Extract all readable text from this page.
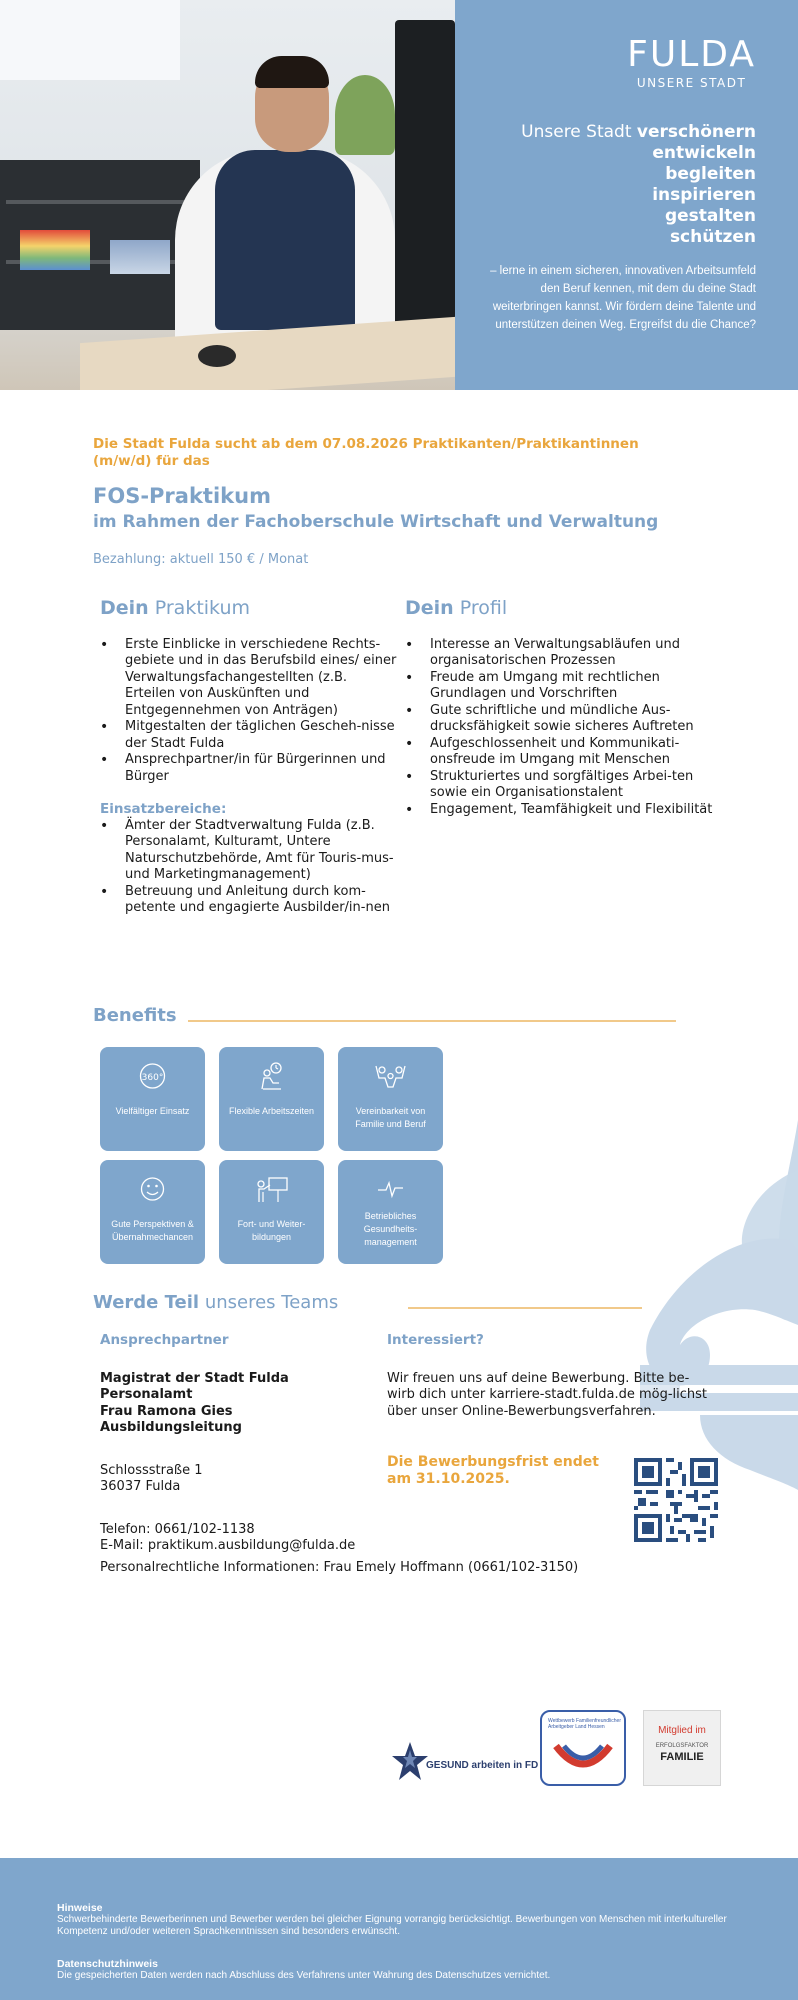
FULDA
UNSERE STADT
Unsere Stadt verschönern
entwickeln
begleiten
inspirieren
gestalten
schützen
– lerne in einem sicheren, innovativen Arbeitsumfeld den Beruf kennen, mit dem du deine Stadt weiterbringen kannst. Wir fördern deine Talente und unterstützen deinen Weg. Ergreifst du die Chance?
Die Stadt Fulda sucht ab dem 07.08.2026 Praktikanten/Praktikantinnen (m/w/d) für das
FOS-Praktikum
im Rahmen der Fachoberschule Wirtschaft und Verwaltung
Bezahlung: aktuell 150 € / Monat
Dein Praktikum
• Erste Einblicke in verschiedene Rechts-gebiete und in das Berufsbild eines/ einer Verwaltungsfachangestellten (z.B. Erteilen von Auskünften und Entgegennehmen von Anträgen)
• Mitgestalten der täglichen Gescheh-nisse der Stadt Fulda
• Ansprechpartner/in für Bürgerinnen und Bürger
Einsatzbereiche:
• Ämter der Stadtverwaltung Fulda (z.B. Personalamt, Kulturamt, Untere Naturschutzbehörde, Amt für Touris-mus- und Marketingmanagement)
• Betreuung und Anleitung durch kom-petente und engagierte Ausbilder/in-nen
Dein Profil
• Interesse an Verwaltungsabläufen und organisatorischen Prozessen
• Freude am Umgang mit rechtlichen Grundlagen und Vorschriften
• Gute schriftliche und mündliche Aus-drucksfähigkeit sowie sicheres Auftreten
• Aufgeschlossenheit und Kommunikati-onsfreude im Umgang mit Menschen
• Strukturiertes und sorgfältiges Arbei-ten sowie ein Organisationstalent
• Engagement, Teamfähigkeit und Flexibilität
Benefits
360°
Vielfältiger Einsatz	Flexible Arbeitszeiten	Vereinbarkeit von Familie und Beruf
Gute Perspektiven & Übernahmechancen
Fort- und Weiter-bildungen
Betriebliches Gesundheits-management
Werde Teil unseres Teams
Ansprechpartner
Magistrat der Stadt Fulda
Personalamt
Frau Ramona Gies
Ausbildungsleitung
Schlossstraße 1
36037 Fulda
Telefon: 0661/102-1138
E-Mail: praktikum.ausbildung@fulda.de
Interessiert?
Wir freuen uns auf deine Bewerbung. Bitte be-wirb dich unter karriere-stadt.fulda.de mög-lichst über unser Online-Bewerbungsverfahren.
Die Bewerbungsfrist endet am 31.10.2025.
Personalrechtliche Informationen: Frau Emely Hoffmann (0661/102-3150)
GESUND arbeiten in FD
Wettbewerb Familienfreundlicher Arbeitgeber Land Hessen	Mitglied im
ERFOLGSFAKTOR
FAMILIE
Hinweise
Schwerbehinderte Bewerberinnen und Bewerber werden bei gleicher Eignung vorrangig berücksichtigt. Bewerbungen von Menschen mit interkultureller Kompetenz und/oder weiteren Sprachkenntnissen sind besonders erwünscht.
Datenschutzhinweis
Die gespeicherten Daten werden nach Abschluss des Verfahrens unter Wahrung des Datenschutzes vernichtet.
